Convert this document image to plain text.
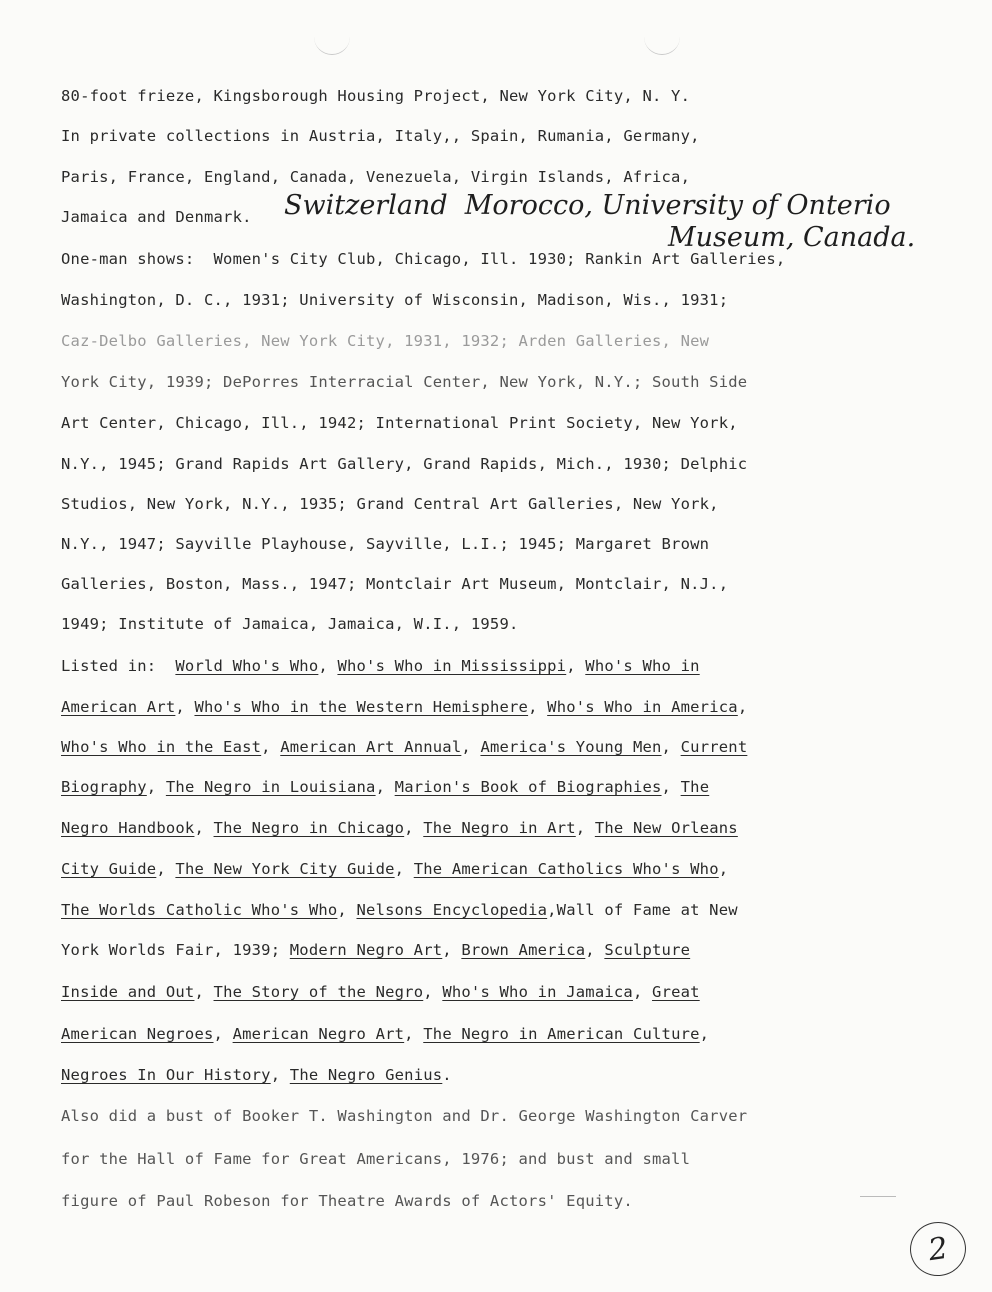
80-foot frieze, Kingsborough Housing Project, New York City, N. Y.
In private collections in Austria, Italy,, Spain, Rumania, Germany,
Paris, France, England, Canada, Venezuela, Virgin Islands, Africa,
Jamaica and Denmark. Switzerland  Morocco, University of Onterio
Museum, Canada.
One-man shows:  Women's City Club, Chicago, Ill. 1930; Rankin Art Galleries,
Washington, D. C., 1931; University of Wisconsin, Madison, Wis., 1931;
Caz-Delbo Galleries, New York City, 1931, 1932; Arden Galleries, New
York City, 1939; DePorres Interracial Center, New York, N.Y.; South Side
Art Center, Chicago, Ill., 1942; International Print Society, New York,
N.Y., 1945; Grand Rapids Art Gallery, Grand Rapids, Mich., 1930; Delphic
Studios, New York, N.Y., 1935; Grand Central Art Galleries, New York,
N.Y., 1947; Sayville Playhouse, Sayville, L.I.; 1945; Margaret Brown
Galleries, Boston, Mass., 1947; Montclair Art Museum, Montclair, N.J.,
1949; Institute of Jamaica, Jamaica, W.I., 1959.
Listed in:  World Who's Who, Who's Who in Mississippi, Who's Who in
American Art, Who's Who in the Western Hemisphere, Who's Who in America,
Who's Who in the East, American Art Annual, America's Young Men, Current
Biography, The Negro in Louisiana, Marion's Book of Biographies, The
Negro Handbook, The Negro in Chicago, The Negro in Art, The New Orleans
City Guide, The New York City Guide, The American Catholics Who's Who,
The Worlds Catholic Who's Who, Nelsons Encyclopedia,Wall of Fame at New
York Worlds Fair, 1939; Modern Negro Art, Brown America, Sculpture
Inside and Out, The Story of the Negro, Who's Who in Jamaica, Great
American Negroes, American Negro Art, The Negro in American Culture,
Negroes In Our History, The Negro Genius.
Also did a bust of Booker T. Washington and Dr. George Washington Carver
for the Hall of Fame for Great Americans, 1976; and bust and small
figure of Paul Robeson for Theatre Awards of Actors' Equity.
2
